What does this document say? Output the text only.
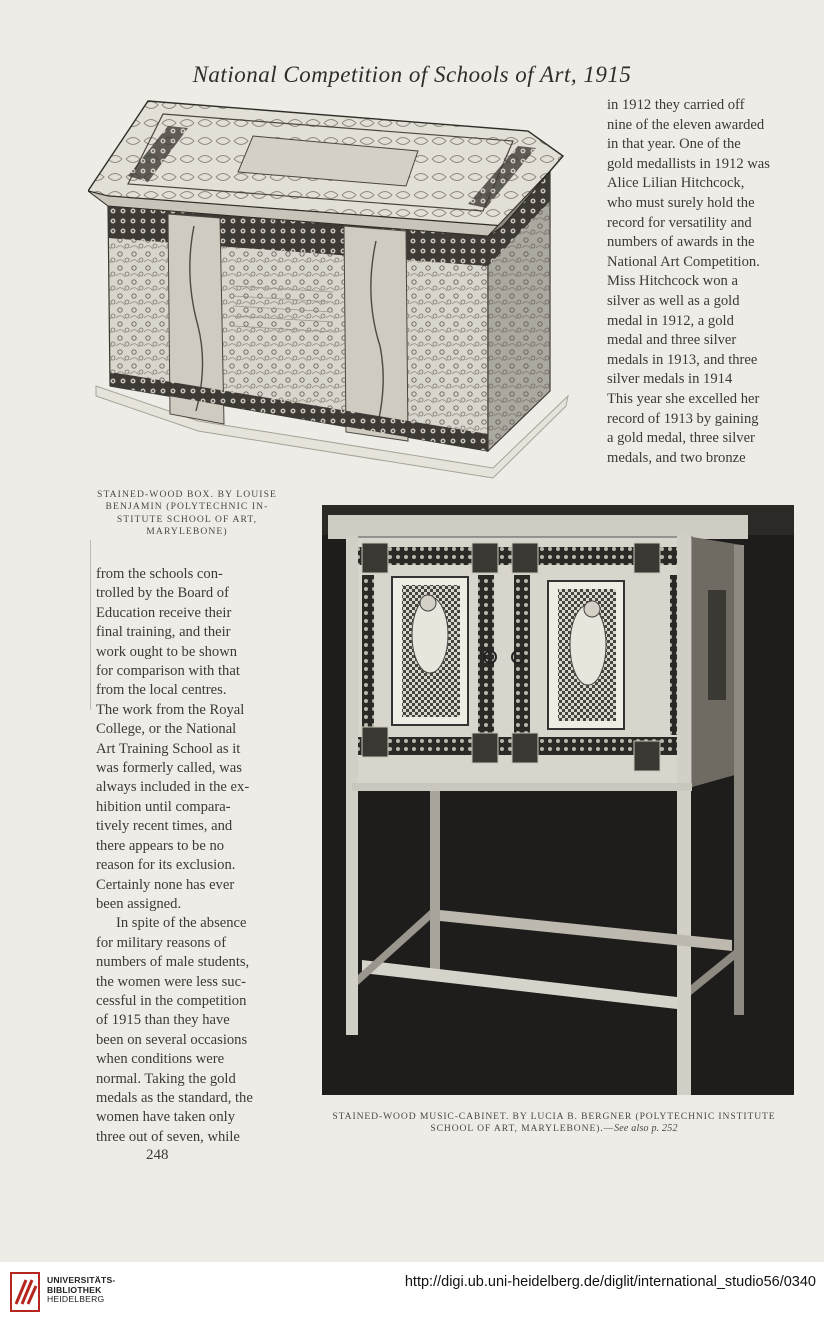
National Competition of Schools of Art, 1915
STAINED-WOOD BOX. BY LOUISE
BENJAMIN (POLYTECHNIC IN-
STITUTE SCHOOL OF ART,
MARYLEBONE)

in 1912 they carried off

nine of the eleven awarded

in that year. One of the

gold medallists in 1912 was

Alice Lilian Hitchcock,

who must surely hold the

record for versatility and

numbers of awards in the

National Art Competition.

Miss Hitchcock won a

silver as well as a gold

medal in 1912, a gold

medal and three silver

medals in 1913, and three

silver medals in 1914

This year she excelled her

record of 1913 by gaining

a gold medal, three silver

medals, and two bronze

from the schools con-

trolled by the Board of

Education receive their

final training, and their

work ought to be shown

for comparison with that

from the local centres.

The work from the Royal

College, or the National

Art Training School as it

was formerly called, was

always included in the ex-

hibition until compara-

tively recent times, and

there appears to be no

reason for its exclusion.

Certainly none has ever

been assigned.

In spite of the absence

for military reasons of

numbers of male students,

the women were less suc-

cessful in the competition

of 1915 than they have

been on several occasions

when conditions were

normal. Taking the gold

medals as the standard, the

women have taken only

three out of seven, while

STAINED-WOOD MUSIC-CABINET. BY LUCIA B. BERGNER (POLYTECHNIC INSTITUTE
SCHOOL OF ART, MARYLEBONE).—See also p. 252
248
UNIVERSITÄTS-
BIBLIOTHEK
HEIDELBERG
http://digi.ub.uni-heidelberg.de/diglit/international_studio56/0340
